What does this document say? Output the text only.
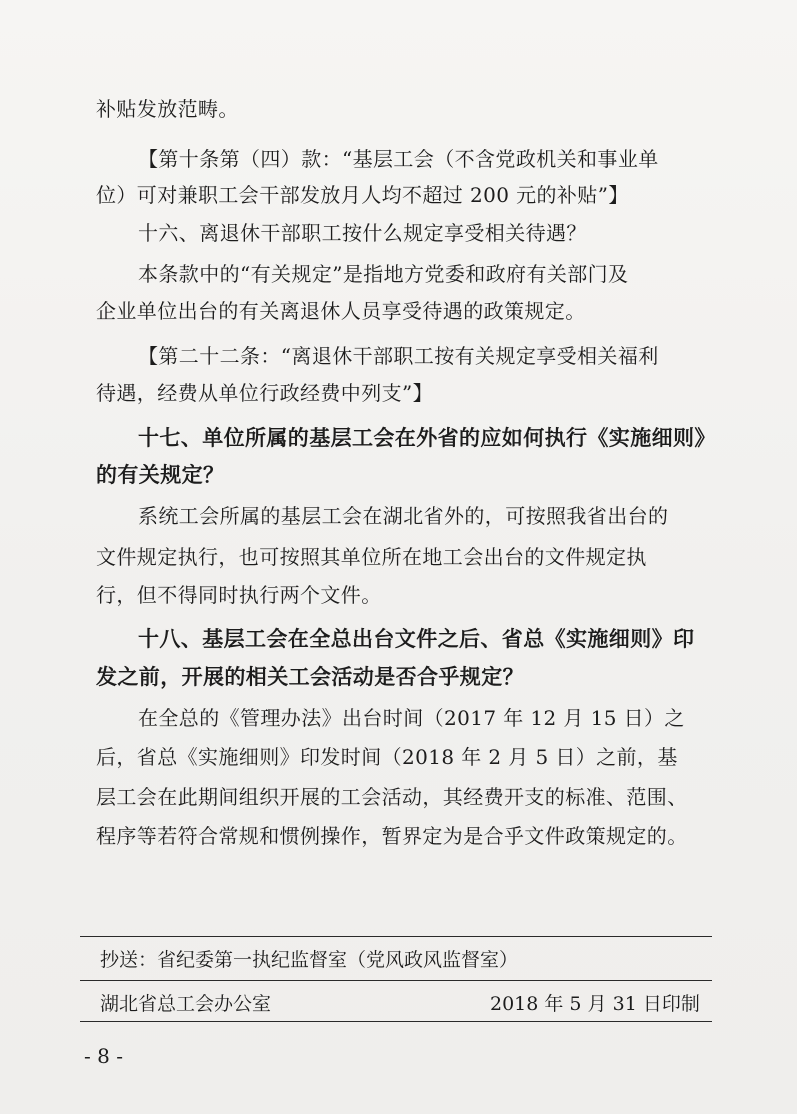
补贴发放范畴。
【第十条第（四）款：“基层工会（不含党政机关和事业单
位）可对兼职工会干部发放月人均不超过 200 元的补贴”】
十六、离退休干部职工按什么规定享受相关待遇？
本条款中的“有关规定”是指地方党委和政府有关部门及
企业单位出台的有关离退休人员享受待遇的政策规定。
【第二十二条：“离退休干部职工按有关规定享受相关福利
待遇，经费从单位行政经费中列支”】
十七、单位所属的基层工会在外省的应如何执行《实施细则》
的有关规定？
系统工会所属的基层工会在湖北省外的，可按照我省出台的
文件规定执行，也可按照其单位所在地工会出台的文件规定执
行，但不得同时执行两个文件。
十八、基层工会在全总出台文件之后、省总《实施细则》印
发之前，开展的相关工会活动是否合乎规定？
在全总的《管理办法》出台时间（2017 年 12 月 15 日）之
后，省总《实施细则》印发时间（2018 年 2 月 5 日）之前，基
层工会在此期间组织开展的工会活动，其经费开支的标准、范围、
程序等若符合常规和惯例操作，暂界定为是合乎文件政策规定的。
抄送：省纪委第一执纪监督室（党风政风监督室）
湖北省总工会办公室	2018 年 5 月 31 日印制
- 8 -
